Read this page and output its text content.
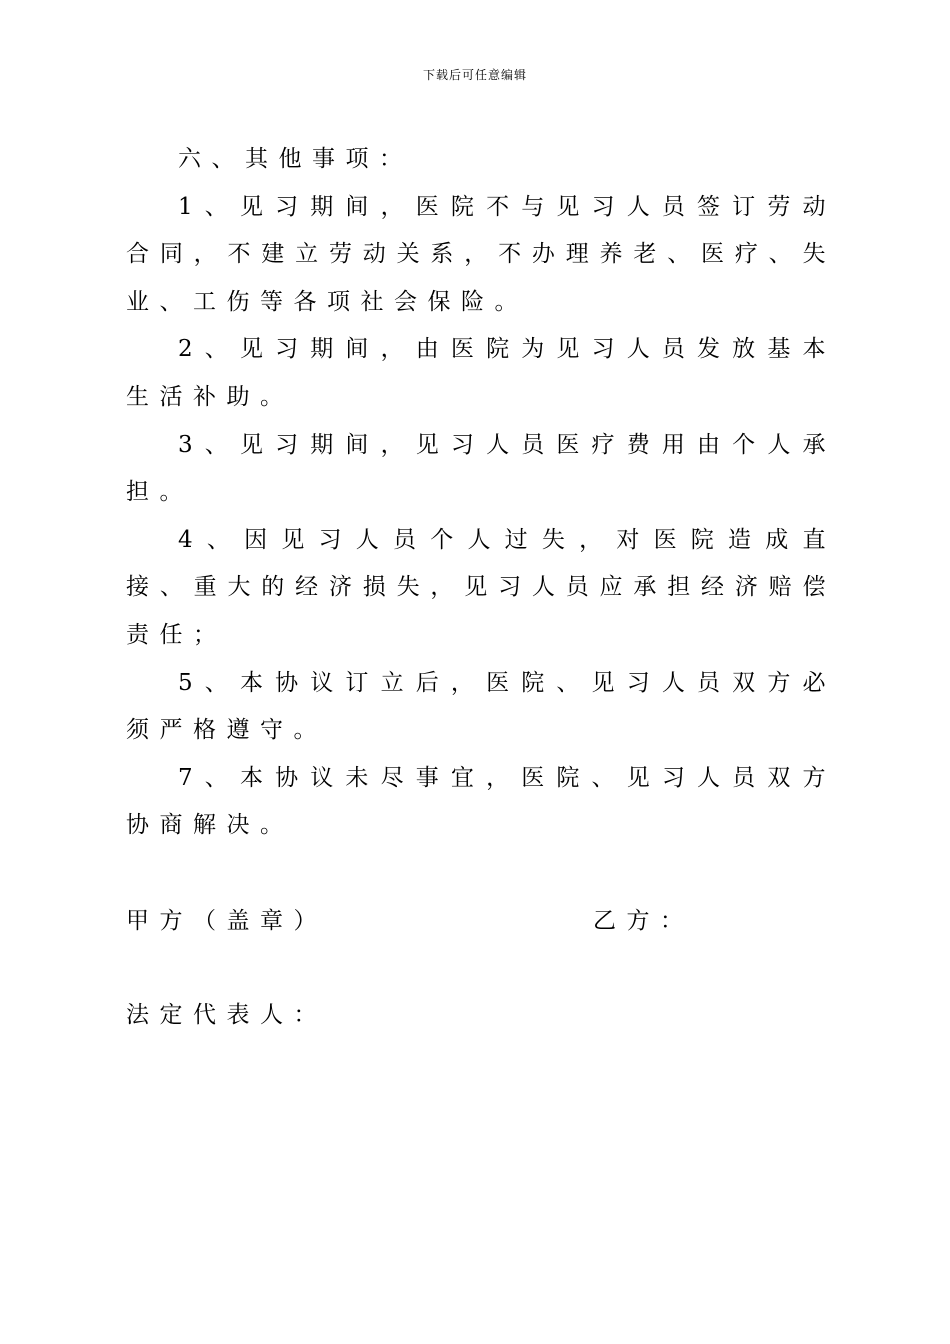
下载后可任意编辑

六、其他事项：

1、见习期间，医院不与见习人员签订劳动合同，不建立劳动关系，不办理养老、医疗、失业、工伤等各项社会保险。

2、见习期间，由医院为见习人员发放基本生活补助。

3、见习期间，见习人员医疗费用由个人承担。

4、因见习人员个人过失，对医院造成直接、重大的经济损失，见习人员应承担经济赔偿责任；

5、本协议订立后，医院、见习人员双方必须严格遵守。

7、本协议未尽事宜，医院、见习人员双方协商解决。

甲方（盖章）	乙方：
法定代表人：
